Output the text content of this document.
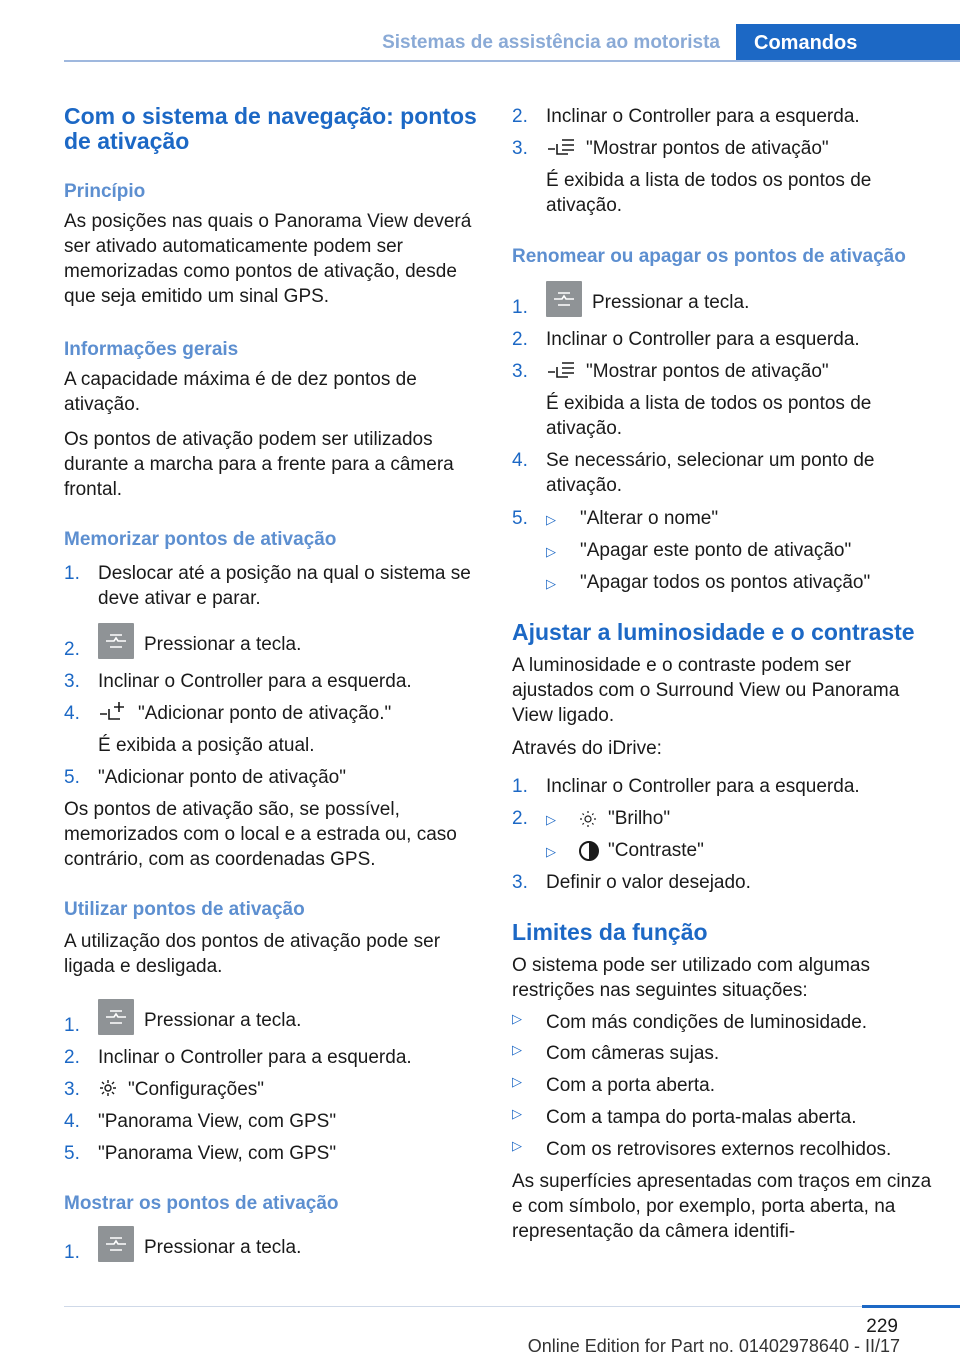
Sistemas de assistência ao motorista	Comandos
Com o sistema de navegação: pontos de ativação
Princípio
As posições nas quais o Panorama View deverá ser ativado automaticamente podem ser memorizadas como pontos de ativação, desde que seja emitido um sinal GPS.
Informações gerais
A capacidade máxima é de dez pontos de ativação.
Os pontos de ativação podem ser utilizados durante a marcha para a frente para a câmera frontal.
Memorizar pontos de ativação
1. Deslocar até a posição na qual o sistema se deve ativar e parar.
2.	Pressionar a tecla.
3. Inclinar o Controller para a esquerda.
4.	"Adicionar ponto de ativação."
É exibida a posição atual.
5. "Adicionar ponto de ativação"
Os pontos de ativação são, se possível, memorizados com o local e a estrada ou, caso contrário, com as coordenadas GPS.
Utilizar pontos de ativação
A utilização dos pontos de ativação pode ser ligada e desligada.
1.	Pressionar a tecla.
2. Inclinar o Controller para a esquerda.
3.	"Configurações"
4. "Panorama View, com GPS"
5. "Panorama View, com GPS"
Mostrar os pontos de ativação
1.	Pressionar a tecla.
2. Inclinar o Controller para a esquerda.
3.	"Mostrar pontos de ativação"
É exibida a lista de todos os pontos de ativação.
Renomear ou apagar os pontos de ativação
1.	Pressionar a tecla.
2. Inclinar o Controller para a esquerda.
3.	"Mostrar pontos de ativação"
É exibida a lista de todos os pontos de ativação.
4. Se necessário, selecionar um ponto de ativação.
5. ▷ "Alterar o nome"
▷ "Apagar este ponto de ativação"
▷ "Apagar todos os pontos ativação"
Ajustar a luminosidade e o contraste
A luminosidade e o contraste podem ser ajustados com o Surround View ou Panorama View ligado.
Através do iDrive:
1. Inclinar o Controller para a esquerda.
2. ▷	"Brilho"
▷	"Contraste"
3. Definir o valor desejado.
Limites da função
O sistema pode ser utilizado com algumas restrições nas seguintes situações:
▷ Com más condições de luminosidade.
▷ Com câmeras sujas.
▷ Com a porta aberta.
▷ Com a tampa do porta-malas aberta.
▷ Com os retrovisores externos recolhidos.
As superfícies apresentadas com traços em cinza e com símbolo, por exemplo, porta aberta, na representação da câmera identifi-
229
Online Edition for Part no. 01402978640 - II/17
